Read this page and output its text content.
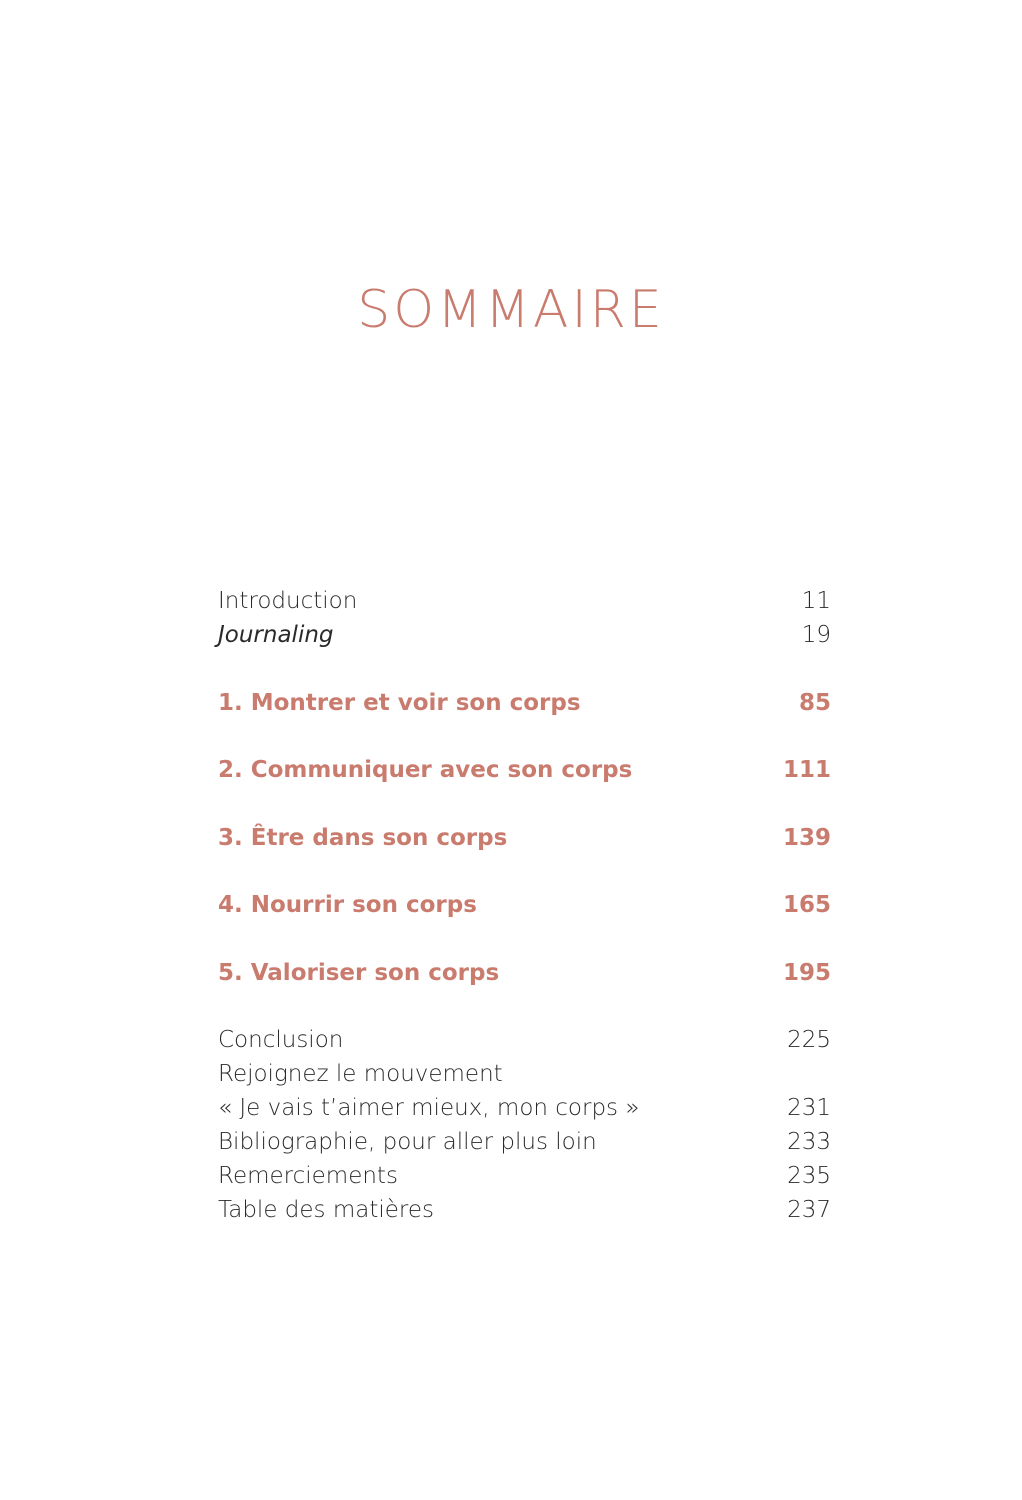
SOMMAIRE
Introduction	11
Journaling	19
1. Montrer et voir son corps	85
2. Communiquer avec son corps	111
3. Être dans son corps	139
4. Nourrir son corps	165
5. Valoriser son corps	195
Conclusion	225
Rejoignez le mouvement
« Je vais t’aimer mieux, mon corps »	231
Bibliographie, pour aller plus loin	233
Remerciements	235
Table des matières	237
